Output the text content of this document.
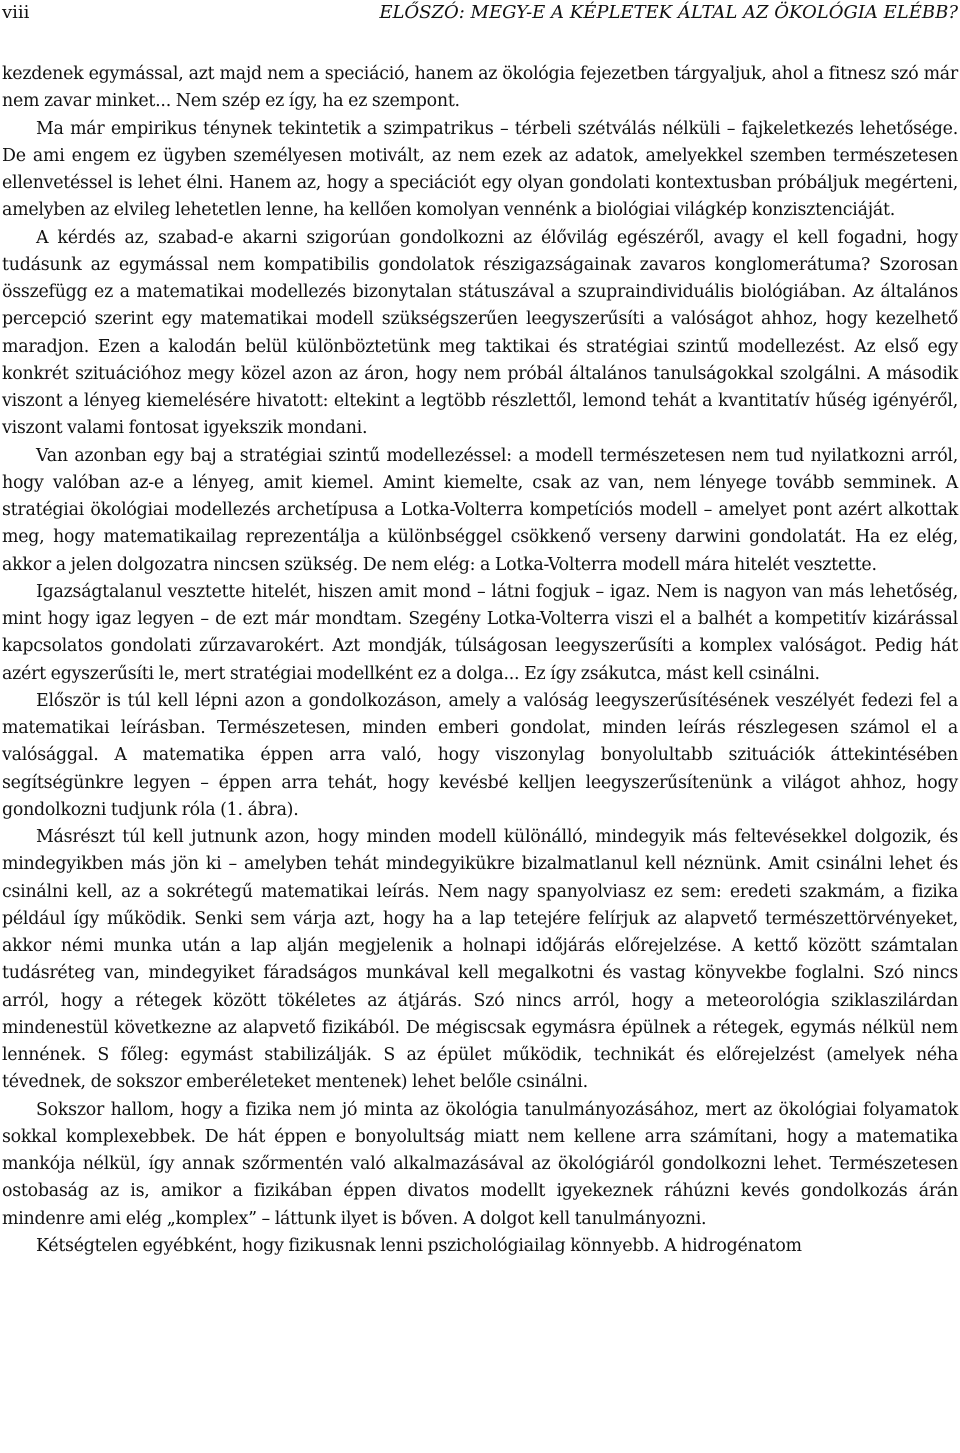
viii	ELŐSZÓ: MEGY-E A KÉPLETEK ÁLTAL AZ ÖKOLÓGIA ELÉBB?

kezdenek egymással, azt majd nem a speciáció, hanem az ökológia fejezetben tárgyaljuk, ahol a fitnesz szó már nem zavar minket... Nem szép ez így, ha ez szempont.

Ma már empirikus ténynek tekintetik a szimpatrikus – térbeli szétválás nélküli – fajkeletkezés lehetősége. De ami engem ez ügyben személyesen motivált, az nem ezek az adatok, amelyekkel szemben természetesen ellenvetéssel is lehet élni. Hanem az, hogy a speciációt egy olyan gondolati kontextusban próbáljuk megérteni, amelyben az elvileg lehetetlen lenne, ha kellően komolyan vennénk a biológiai világkép konzisztenciáját.

A kérdés az, szabad-e akarni szigorúan gondolkozni az élővilág egészéről, avagy el kell fogadni, hogy tudásunk az egymással nem kompatibilis gondolatok részigazságainak zavaros konglomerátuma? Szorosan összefügg ez a matematikai modellezés bizonytalan státuszával a szupraindividuális biológiában. Az általános percepció szerint egy matematikai modell szükségszerűen leegyszerűsíti a valóságot ahhoz, hogy kezelhető maradjon. Ezen a kalodán belül különböztetünk meg taktikai és stratégiai szintű modellezést. Az első egy konkrét szituációhoz megy közel azon az áron, hogy nem próbál általános tanulságokkal szolgálni. A második viszont a lényeg kiemelésére hivatott: eltekint a legtöbb részlettől, lemond tehát a kvantitatív hűség igényéről, viszont valami fontosat igyekszik mondani.

Van azonban egy baj a stratégiai szintű modellezéssel: a modell természetesen nem tud nyilatkozni arról, hogy valóban az-e a lényeg, amit kiemel. Amint kiemelte, csak az van, nem lényege tovább semminek. A stratégiai ökológiai modellezés archetípusa a Lotka-Volterra kompetíciós modell – amelyet pont azért alkottak meg, hogy matematikailag reprezentálja a különbséggel csökkenő verseny darwini gondolatát. Ha ez elég, akkor a jelen dolgozatra nincsen szükség. De nem elég: a Lotka-Volterra modell mára hitelét vesztette.

Igazságtalanul vesztette hitelét, hiszen amit mond – látni fogjuk – igaz. Nem is nagyon van más lehetőség, mint hogy igaz legyen – de ezt már mondtam. Szegény Lotka-Volterra viszi el a balhét a kompetitív kizárással kapcsolatos gondolati zűrzavarokért. Azt mondják, túlságosan leegyszerűsíti a komplex valóságot. Pedig hát azért egyszerűsíti le, mert stratégiai modellként ez a dolga... Ez így zsákutca, mást kell csinálni.

Először is túl kell lépni azon a gondolkozáson, amely a valóság leegyszerűsítésének veszélyét fedezi fel a matematikai leírásban. Természetesen, minden emberi gondolat, minden leírás részlegesen számol el a valósággal. A matematika éppen arra való, hogy viszonylag bonyolultabb szituációk áttekintésében segítségünkre legyen – éppen arra tehát, hogy kevésbé kelljen leegyszerűsítenünk a világot ahhoz, hogy gondolkozni tudjunk róla (1. ábra).

Másrészt túl kell jutnunk azon, hogy minden modell különálló, mindegyik más feltevésekkel dolgozik, és mindegyikben más jön ki – amelyben tehát mindegyikükre bizalmatlanul kell néznünk. Amit csinálni lehet és csinálni kell, az a sokrétegű matematikai leírás. Nem nagy spanyolviasz ez sem: eredeti szakmám, a fizika például így működik. Senki sem várja azt, hogy ha a lap tetejére felírjuk az alapvető természettörvényeket, akkor némi munka után a lap alján megjelenik a holnapi időjárás előrejelzése. A kettő között számtalan tudásréteg van, mindegyiket fáradságos munkával kell megalkotni és vastag könyvekbe foglalni. Szó nincs arról, hogy a rétegek között tökéletes az átjárás. Szó nincs arról, hogy a meteorológia sziklaszilárdan mindenestül következne az alapvető fizikából. De mégiscsak egymásra épülnek a rétegek, egymás nélkül nem lennének. S főleg: egymást stabilizálják. S az épület működik, technikát és előrejelzést (amelyek néha tévednek, de sokszor emberéleteket mentenek) lehet belőle csinálni.

Sokszor hallom, hogy a fizika nem jó minta az ökológia tanulmányozásához, mert az ökológiai folyamatok sokkal komplexebbek. De hát éppen e bonyolultság miatt nem kellene arra számítani, hogy a matematika mankója nélkül, így annak szőrmentén való alkalmazásával az ökológiáról gondolkozni lehet. Természetesen ostobaság az is, amikor a fizikában éppen divatos modellt igyekeznek ráhúzni kevés gondolkozás árán mindenre ami elég „komplex” – láttunk ilyet is bőven. A dolgot kell tanulmányozni.

Kétségtelen egyébként, hogy fizikusnak lenni pszichológiailag könnyebb. A hidrogénatom
